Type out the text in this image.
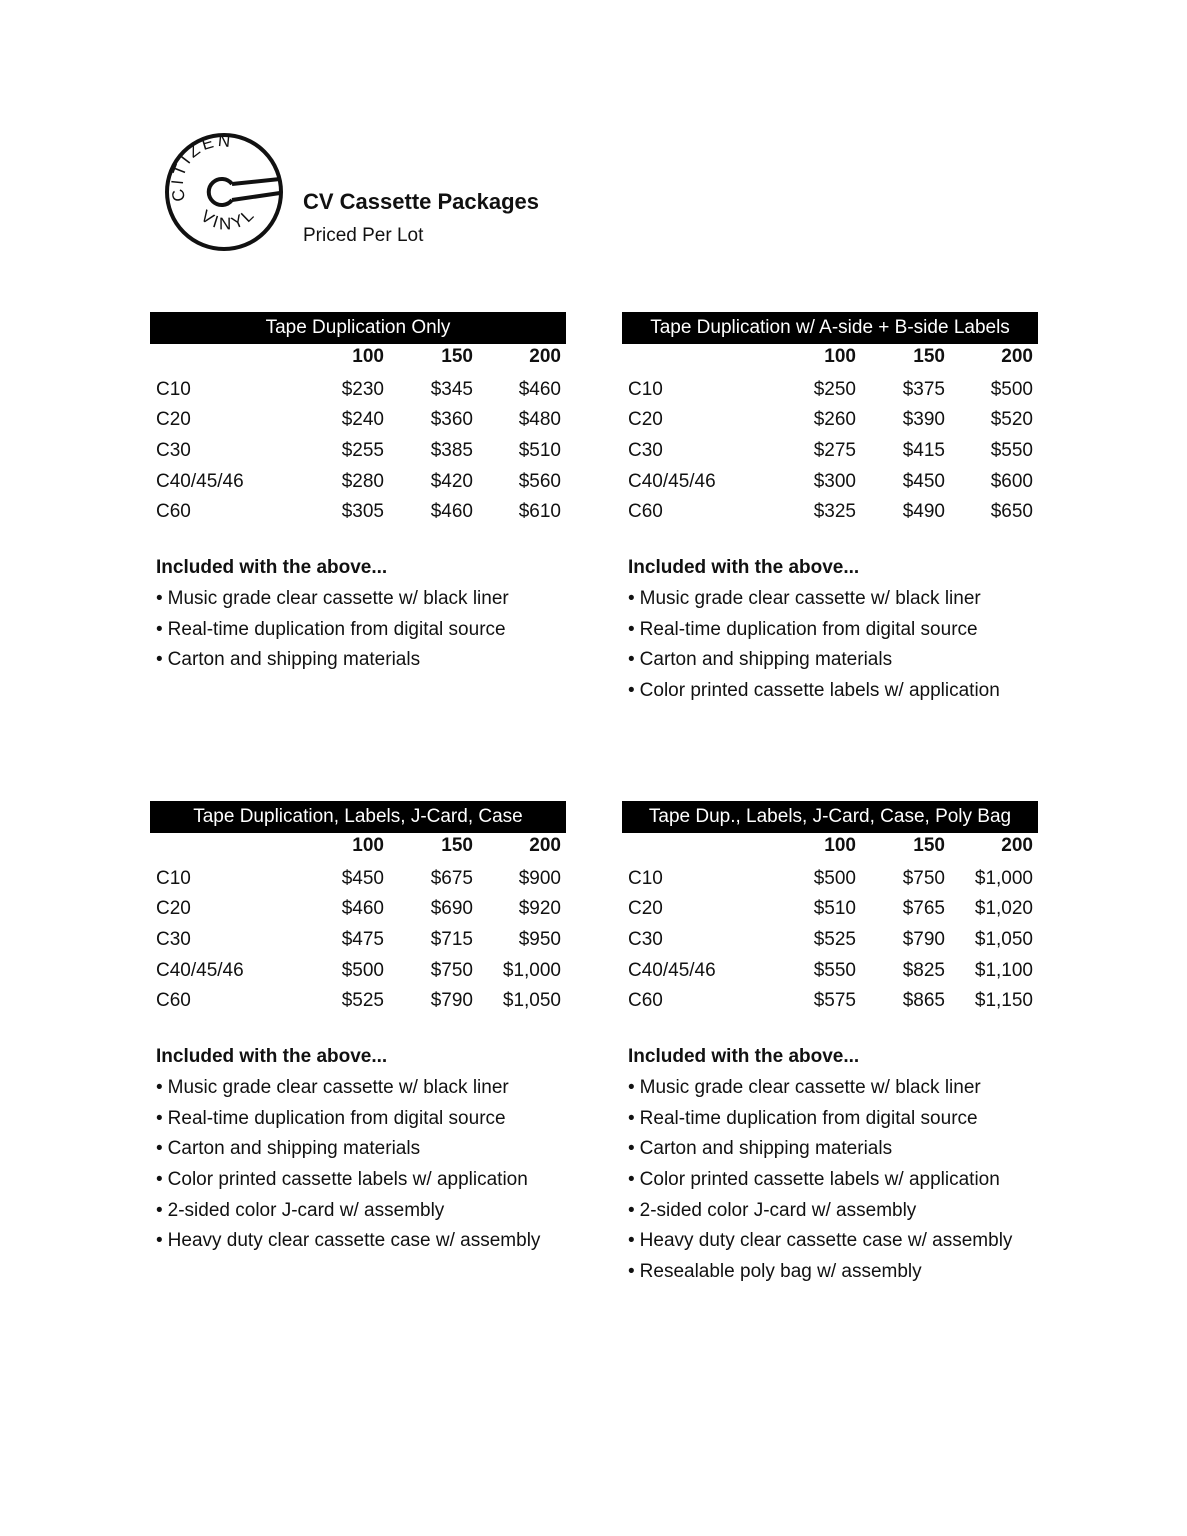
CITIZEN
VINYL
CV Cassette Packages
Priced Per Lot
Tape Duplication Only
100	150	200
C10	$230 $345 $460
C20	$240 $360 $480
C30	$255 $385 $510
C40/45/46	$280 $420 $560
C60	$305 $460 $610
Included with the above...
• Music grade clear cassette w/ black liner
• Real-time duplication from digital source
• Carton and shipping materials
Tape Duplication w/ A-side + B-side Labels
100	150	200
C10	$250 $375 $500
C20	$260 $390 $520
C30	$275 $415 $550
C40/45/46	$300 $450 $600
C60	$325 $490 $650
Included with the above...
• Music grade clear cassette w/ black liner
• Real-time duplication from digital source
• Carton and shipping materials
• Color printed cassette labels w/ application
Tape Duplication, Labels, J-Card, Case
100	150	200
C10	$450 $675 $900
C20	$460 $690 $920
C30	$475 $715 $950
C40/45/46	$500 $750 $1,000
C60	$525 $790 $1,050
Included with the above...
• Music grade clear cassette w/ black liner
• Real-time duplication from digital source
• Carton and shipping materials
• Color printed cassette labels w/ application
• 2-sided color J-card w/ assembly
• Heavy duty clear cassette case w/ assembly
Tape Dup., Labels, J-Card, Case, Poly Bag
100	150	200
C10	$500 $750 $1,000
C20	$510 $765 $1,020
C30	$525 $790 $1,050
C40/45/46	$550 $825 $1,100
C60	$575 $865 $1,150
Included with the above...
• Music grade clear cassette w/ black liner
• Real-time duplication from digital source
• Carton and shipping materials
• Color printed cassette labels w/ application
• 2-sided color J-card w/ assembly
• Heavy duty clear cassette case w/ assembly
• Resealable poly bag w/ assembly
